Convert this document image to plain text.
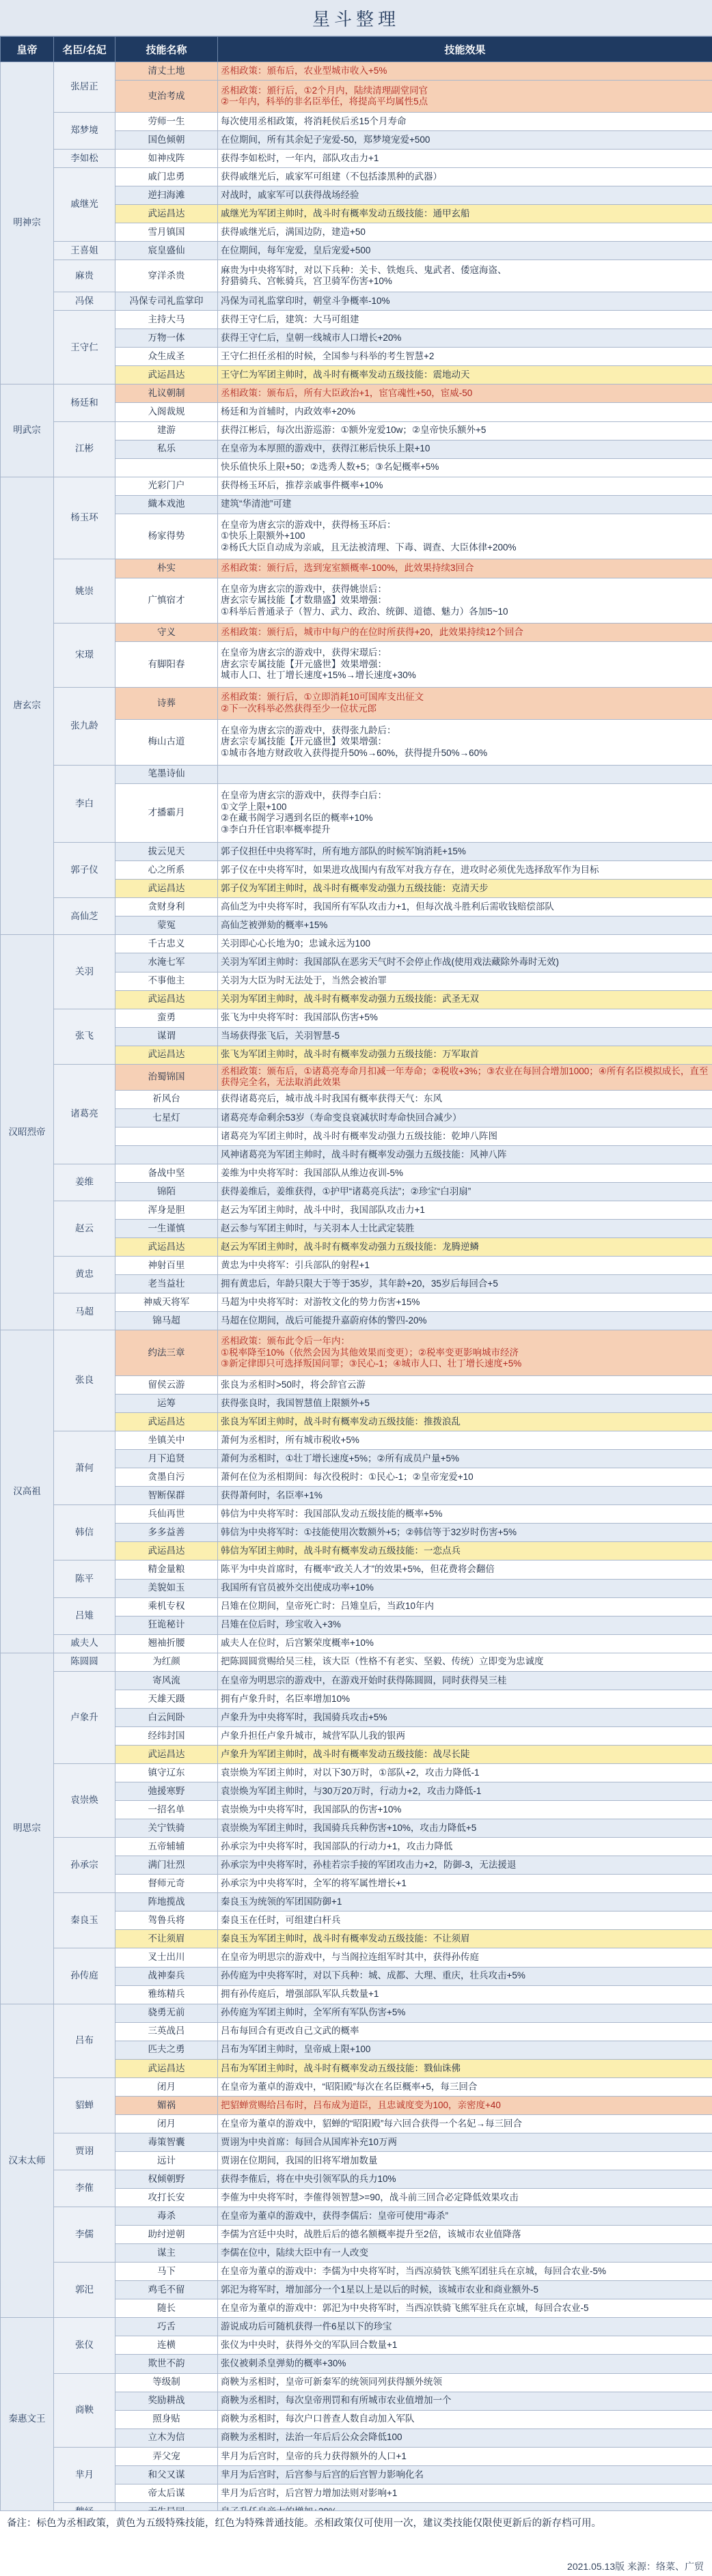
星斗整理
皇帝	名臣/名妃	技能名称	技能效果
明神宗	张居正	清丈土地	丞相政策：頒布后，农业型城市收入+5%
		吏治考成	丞相政策：頒行后，①2个月内，陆续清理副堂同官
②一年内，科举的非名臣举任，将提高平均属性5点
	郑梦境	劳师一生	每次使用丞相政策，将消耗侯后丞15个月寿命
		国色倾朝	在位期间，所有其余妃子宠爱-50，郑梦境宠爱+500
	李如松	如神戍阵	获得李如松时，一年内，部队攻击力+1
	戚继光	戚门忠勇	获得戚继光后，戚家军可组建（不包括漆黑种的武器）
		逆扫海滩	对战时，戚家军可以获得战场经验
		武运昌达	戚继光为军团主帅时，战斗时有概率发动五级技能：通甲玄船
		雪月镇国	获得戚继光后，满国边防，建造+50
	王喜姐	宸皇盛仙	在位期间，每年宠爱，皇后宠爱+500
	麻贵	穿洋杀贵	麻贵为中央将军时，对以下兵种：关卡、铁炮兵、鬼武者、倭寇海盗、
狩猎骑兵、宫帐骑兵，宫卫骑军伤害+10%
	冯保	冯保专司礼监掌印	冯保为司礼监掌印时，朝堂斗争概率-10%
	王守仁	主持大马	获得王守仁后，建筑：大马可组建
		万物一体	获得王守仁后，皇朝一线城市人口增长+20%
		众生成圣	王守仁担任丞相的时候，全国参与科举的考生智慧+2
		武运昌达	王守仁为军团主帅时，战斗时有概率发动五级技能：震地动天
明武宗	杨廷和	礼议朝制	丞相政策：颁布后，所有大臣政治+1，宦官魂性+50，宦威-50
		入阁裁规	杨廷和为首辅时，内政效率+20%
	江彬	建游	获得江彬后，每次出游巡游：①额外宠爱10w；②皇帝快乐额外+5
		私乐	在皇帝为本厚照的游戏中，获得江彬后快乐上限+10
			快乐值快乐上限+50；②选秀人数+5；③名妃概率+5%
唐玄宗	杨玉环	光彩门户	获得杨玉环后，推荐亲戚事件概率+10%
		織本戏池	建筑“华清池”可建
		杨家得势	在皇帝为唐玄宗的游戏中，获得杨玉环后：
①快乐上限额外+100
②杨氏大臣自动成为亲戚，且无法被清理、下毒、调查、大臣体律+200%
	姚崇	朴实	丞相政策：颁行后，选到宠室额概率-100%，此效果持续3回合
		广慎宿才	在皇帝为唐玄宗的游戏中，获得姚崇后：
唐玄宗专属技能【才数鼎盛】效果增强：
①科举后普通录子（智力、武力、政治、统御、道德、魅力）各加5~10
	宋璟	守义	丞相政策：颁行后，城市中每户的在位时所获得+20，此效果持续12个回合
		有脚阳春	在皇帝为唐玄宗的游戏中，获得宋璟后：
唐玄宗专属技能【开元盛世】效果增强：
城市人口、壮丁增长速度+15%→增长速度+30%
	张九龄	诗葬	丞相政策：颁行后，①立即消耗10可国库支出征文
②下一次科举必然获得至少一位状元郎
		梅山古道	在皇帝为唐玄宗的游戏中，获得张九龄后：
唐玄宗专属技能【开元盛世】效果增强：
①城市各地方财政收入获得提升50%→60%，获得提升50%→60%
	李白	笔墨诗仙	
		才播霸月	在皇帝为唐玄宗的游戏中，获得李白后：
①文学上限+100
②在藏书阁学习遇到名臣的概率+10%
③李白升任官职率概率提升
	郭子仪	拔云见天	郭子仪担任中央将军时，所有地方部队的时候军饷消耗+15%
		心之所系	郭子仪在中央将军时，如果进攻战围内有敌军对我方存在，进攻时必须优先选择敌军作为目标
		武运昌达	郭子仪为军团主帅时，战斗时有概率发动强力五级技能：克清天步
	高仙芝	贪财身利	高仙芝为中央将军时，我国所有军队攻击力+1，但每次战斗胜利后需收钱赔偿部队
		蒙冤	高仙芝被弹劾的概率+15%
汉昭烈帝	关羽	千古忠义	关羽即心心长地为0；忠诚永远为100
		水淹七军	关羽为军团主帅时：我国部队在恶劣天气时不会停止作战(使用戏法藏除外毒时无效)
		不事他主	关羽为大臣为时无法处于，当然会被治罪
		武运昌达	关羽为军团主帅时，战斗时有概率发动强力五级技能：武圣无双
	张飞	蛮勇	张飞为中央将军时：我国部队伤害+5%
		谋谓	当场获得张飞后，关羽智慧-5
		武运昌达	张飞为军团主帅时，战斗时有概率发动强力五级技能：万军取首
	诸葛亮	治蜀锦国	丞相政策：颁布后，①诸葛亮寿命月扣减一年寿命；②税收+3%；③农业在每回合增加1000；④所有名臣模拟成长，直至获得完全名，无法取消此效果
		祈风台	获得诸葛亮后，城市战斗时我国有概率获得天气：东风
		七星灯	诸葛亮寿命剩余53岁（寿命变良衰减状时寿命快回合减少）
			诸葛亮为军团主帅时，战斗时有概率发动强力五级技能：乾坤八阵图
			风神诸葛亮为军团主帅时，战斗时有概率发动强力五级技能：风神八阵
	姜维	备战中坚	姜维为中央将军时：我国部队从维边夜训-5%
		锦陌	获得姜维后，姜维获得，①护甲“诸葛亮兵法”；②珍宝“白羽扇”
	赵云	浑身是胆	赵云为军团主帅时，战斗中时，我国部队攻击力+1
		一生谨慎	赵云参与军团主帅时，与关羽本人士比武定装胜
		武运昌达	赵云为军团主帅时，战斗时有概率发动强力五级技能：龙腾逆鳞
	黄忠	神射百里	黄忠为中央将军：引兵部队的射程+1
		老当益壮	拥有黄忠后，年龄只限大于等于35岁，其年龄+20，35岁后每回合+5
	马超	神威天将军	马超为中央将军时：对游牧文化的势力伤害+15%
		锦马超	马超在位期间，战后可能提升嘉蔚府体的警四-20%
汉高祖	张良	约法三章	丞相政策：颁布此令后一年内：
①税率降至10%（依然会因为其他效果而变更）；②税率变更影响城市经济
③新定律即只可选择叛国问罪；③民心-1；④城市人口、壮丁增长速度+5%
		留侯云游	张良为丞相时>50时，将会辞官云游
		运筹	获得张良时，我国智慧值上限额外+5
		武运昌达	张良为军团主帅时，战斗时有概率发动五级技能：推拨浪乱
	萧何	坐镇关中	萧何为丞相时，所有城市税收+5%
		月下追贤	萧何为丞相时，①壮丁增长速度+5%；②所有成员户量+5%
		贪墨自污	萧何在位为丞相期间：每次役税时：①民心-1；②皇帝宠爱+10
		智断保群	获得萧何时，名臣率+1%
	韩信	兵仙再世	韩信为中央将军时：我国部队发动五级技能的概率+5%
		多多益善	韩信为中央将军时：①技能使用次数额外+5；②韩信等于32岁时伤害+5%
		武运昌达	韩信为军团主帅时，战斗时有概率发动五级技能：一恋点兵
	陈平	精金量粮	陈平为中央首席时，有概率“政关人才”的效果+5%，但花费将会翻倍
		美貌如玉	我国所有官员被外交出使成功率+10%
	吕雉	乘机专权	吕雉在位期间，皇帝死亡时：吕雉皇后，当政10年内
		狂诡秘计	吕雉在位后时，珍宝收入+3%
	戚夫人	翘袖折腰	戚夫人在位时，后宫繁荣度概率+10%
明思宗	陈圆圆	为红颜	把陈圆圆赏赐给吴三桂，该大臣（性格不有老实、坚毅、传统）立即变为忠诚度
	卢象升	寄风流	在皇帝为明思宗的游戏中，在游戏开始时获得陈圆圆，同时获得吴三桂
		天雄天蹑	拥有卢象升时，名臣率增加10%
		白云间卧	卢象升为中央将军时，我国骑兵攻击+5%
		经纬封国	卢象升担任卢象升城市，城营军队儿我的银两
		武运昌达	卢象升为军团主帅时，战斗时有概率发动五级技能：战尽长陡
	袁崇焕	镇守辽东	袁崇焕为军团主帅时，对以下30万时，①部队+2，攻击力降低-1
		弛援寒野	袁崇焕为军团主帅时，与30万20万时，行动力+2，攻击力降低-1
		一招名单	袁崇焕为中央将军时，我国部队的伤害+10%
		关宁铁骑	袁崇焕为军团主帅时，我国骑兵兵种伤害+10%，攻击力降低+5
	孙承宗	五帝辅辅	孙承宗为中央将军时，我国部队的行动力+1，攻击力降低
		满门壮烈	孙承宗为中央将军时，孙桂若宗手接的军团攻击力+2，防御-3，无法援退
		督师元奇	孙承宗为中央将军时，全军的将军属性增长+1
	秦良玉	阵地揽战	秦良玉为统领的军团国防御+1
		驾鲁兵将	秦良玉在任时，可组建白杆兵
		不让须眉	秦良玉为军团主帅时，战斗时有概率发动五级技能：不让须眉
	孙传庭	叉士出川	在皇帝为明思宗的游戏中，与当阁拉连组军时其中，获得孙传庭
		战神秦兵	孙传庭为中央将军时，对以下兵种：城、成都、大理、重庆，壮兵攻击+5%
		雅练精兵	拥有孙传庭后，增强部队军队兵数量+1
汉末太师	吕布	骁勇无前	孙传庭为军团主帅时，全军所有军队伤害+5%
		三英战吕	吕布每回合有更改自己文武的概率
		匹夫之勇	吕布为军团主帅时，皇帝威上限+100
		武运昌达	吕布为军团主帅时，战斗时有概率发动五级技能：戮仙诛佛
	貂蝉	闭月	在皇帝为董卓的游戏中，“昭阳殿”每次在名臣概率+5，每三回合
		媚祸	把貂蝉赏赐给吕布时，吕布成为道臣，且忠诚度变为100，亲密度+40
		闭月	在皇帝为董卓的游戏中，貂蝉的“昭阳殿”每六回合获得一个名妃→每三回合
	贾诩	毒策智囊	贾诩为中央首席：每回合从国库补充10万两
		远计	贾诩在位期间，我国的旧将军增加数量
	李傕	权倾朝野	获得李傕后，将在中央引领军队的兵力10%
		攻打长安	李傕为中央将军时，李傕得领智慧>=90，战斗前三回合必定降低效果攻击
	李儒	毒杀	在皇帝为董卓的游戏中，获得李儒后：皇帝可使用“毒杀”
		助纣逆朝	李儒为宫廷中央时，战胜后后的德名额概率提升至2倍，该城市农业值降落
		谋主	李儒在位中，陆续大臣中有一人改变
	郭汜	马下	在皇帝为董卓的游戏中：李儒为中央将军时，当西凉骑铁飞熊军团驻兵在京城，每回合农业-5%
		鸡毛不留	郭汜为将军时，增加部分一个1星以上是以后的时候，该城市农业和商业额外-5
		随长	在皇帝为董卓的游戏中：郭汜为中央将军时，当西凉铁骑飞熊军驻兵在京城，每回合农业-5
秦惠文王	张仪	巧舌	游说成功后可随机获得一件6星以下的珍宝
		连横	张仪为中央时，获得外交的军队回合数量+1
		欺世不韵	张仪被刺杀皇弹劾的概率+30%
	商鞅	等级制	商鞅为丞相时，皇帝可新秦军的统领同列获得额外统领
		奖励耕战	商鞅为丞相时，每次皇帝刑罚和有所城市农业值增加一个
		照身贴	商鞅为丞相时，每次户口普查人数自动加入军队
		立木为信	商鞅为丞相时，法治一年后后公众会降低100
	芈月	弄父宠	芈月为后宫时，皇帝的兵力获得额外的人口+1
		和父又谋	芈月为后宫时，后宫参与后宫的后宫智力影响化名
		帝太后谋	芈月为后宫时，后宫智力增加法则对影响+1

备注：标色为丞相政策，黄色为五级特殊技能，红色为特殊普通技能。丞相政策仅可使用一次，建议类技能仅限使更新后的新存档可用。
2021.05.13版 来源：络菜、广贸
